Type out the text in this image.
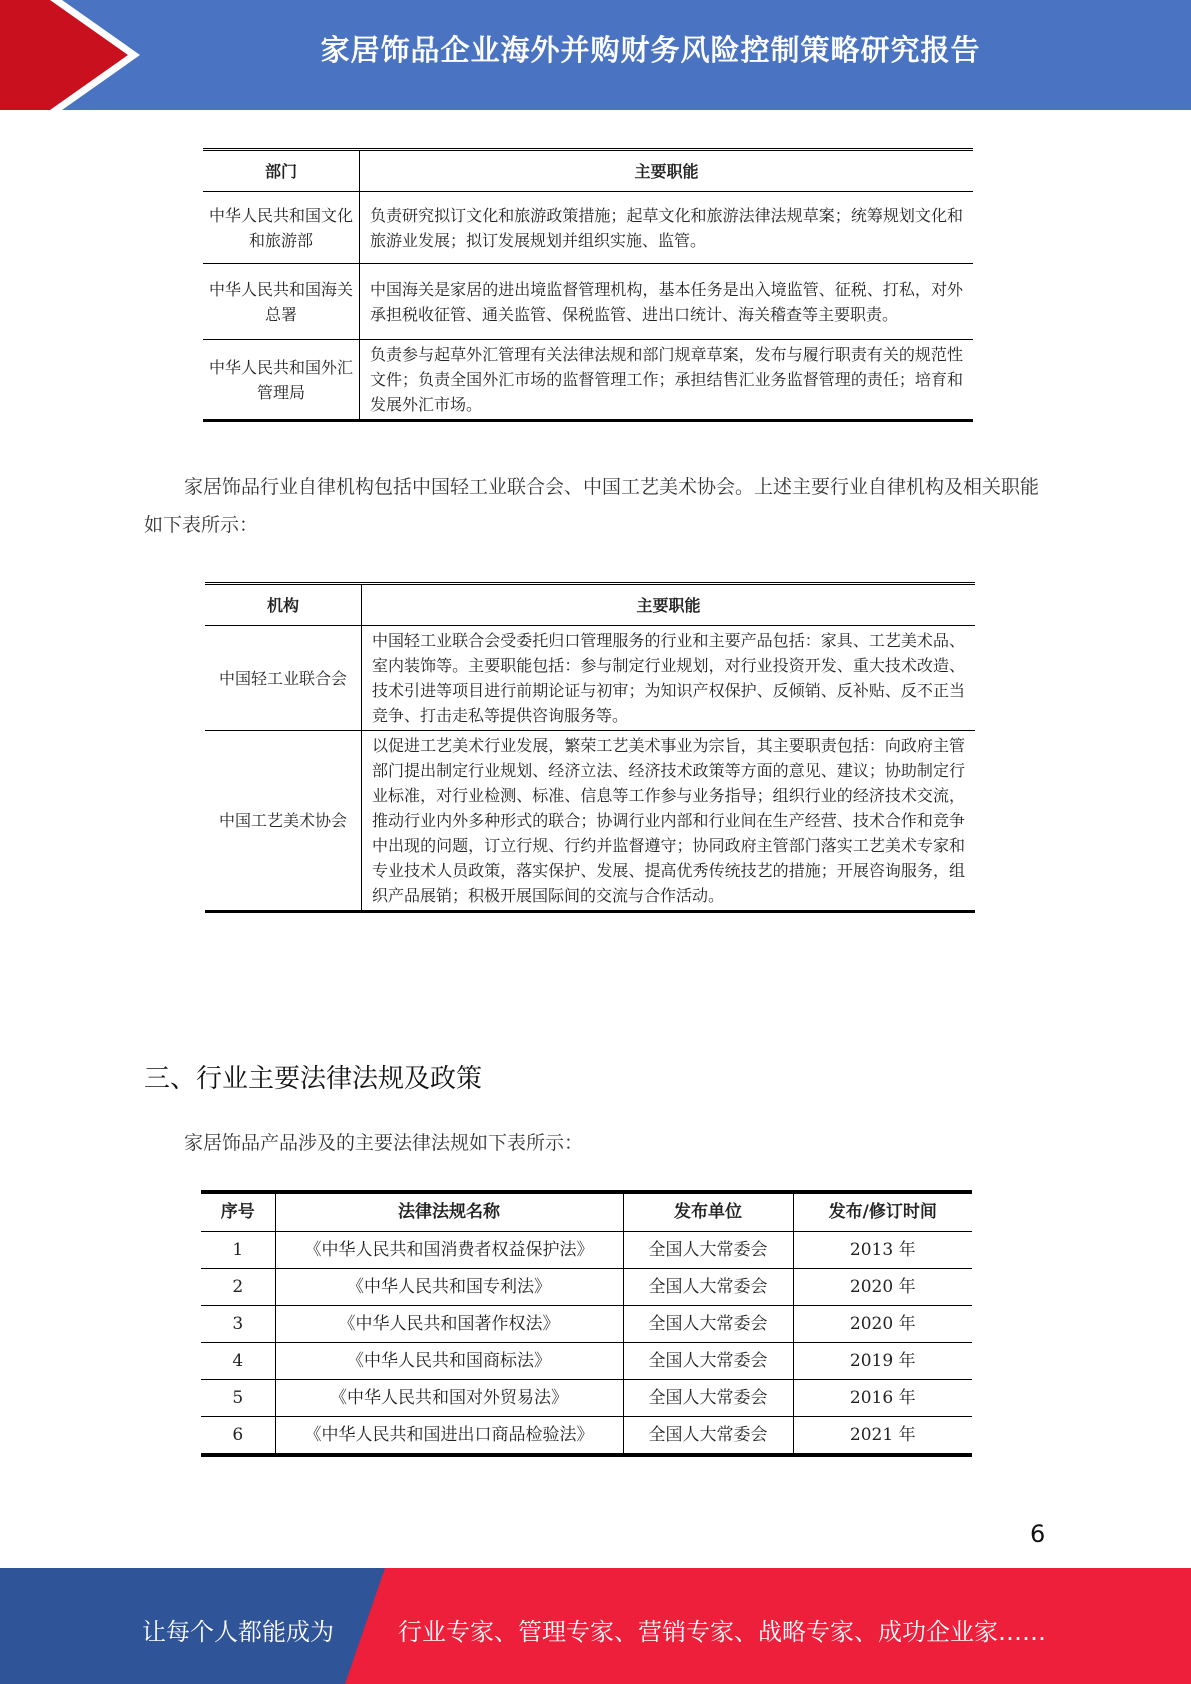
家居饰品企业海外并购财务风险控制策略研究报告
部门	主要职能
中华人民共和国文化和旅游部	负责研究拟订文化和旅游政策措施；起草文化和旅游法律法规草案；统筹规划文化和旅游业发展；拟订发展规划并组织实施、监管。
中华人民共和国海关总署	中国海关是家居的进出境监督管理机构，基本任务是出入境监管、征税、打私，对外承担税收征管、通关监管、保税监管、进出口统计、海关稽查等主要职责。
中华人民共和国外汇管理局	负责参与起草外汇管理有关法律法规和部门规章草案，发布与履行职责有关的规范性文件；负责全国外汇市场的监督管理工作；承担结售汇业务监督管理的责任；培育和发展外汇市场。
家居饰品行业自律机构包括中国轻工业联合会、中国工艺美术协会。上述主要行业自律机构及相关职能如下表所示：
机构	主要职能
中国轻工业联合会	中国轻工业联合会受委托归口管理服务的行业和主要产品包括：家具、工艺美术品、室内装饰等。主要职能包括：参与制定行业规划，对行业投资开发、重大技术改造、技术引进等项目进行前期论证与初审；为知识产权保护、反倾销、反补贴、反不正当竞争、打击走私等提供咨询服务等。
中国工艺美术协会	以促进工艺美术行业发展，繁荣工艺美术事业为宗旨，其主要职责包括：向政府主管部门提出制定行业规划、经济立法、经济技术政策等方面的意见、建议；协助制定行业标准，对行业检测、标准、信息等工作参与业务指导；组织行业的经济技术交流，推动行业内外多种形式的联合；协调行业内部和行业间在生产经营、技术合作和竞争中出现的问题，订立行规、行约并监督遵守；协同政府主管部门落实工艺美术专家和专业技术人员政策，落实保护、发展、提高优秀传统技艺的措施；开展咨询服务，组织产品展销；积极开展国际间的交流与合作活动。
三、行业主要法律法规及政策
家居饰品产品涉及的主要法律法规如下表所示：
序号	法律法规名称	发布单位	发布/修订时间
1	《中华人民共和国消费者权益保护法》	全国人大常委会	2013 年
2	《中华人民共和国专利法》	全国人大常委会	2020 年
3	《中华人民共和国著作权法》	全国人大常委会	2020 年
4	《中华人民共和国商标法》	全国人大常委会	2019 年
5	《中华人民共和国对外贸易法》	全国人大常委会	2016 年
6	《中华人民共和国进出口商品检验法》	全国人大常委会	2021 年
6
让每个人都能成为	行业专家、管理专家、营销专家、战略专家、成功企业家……
